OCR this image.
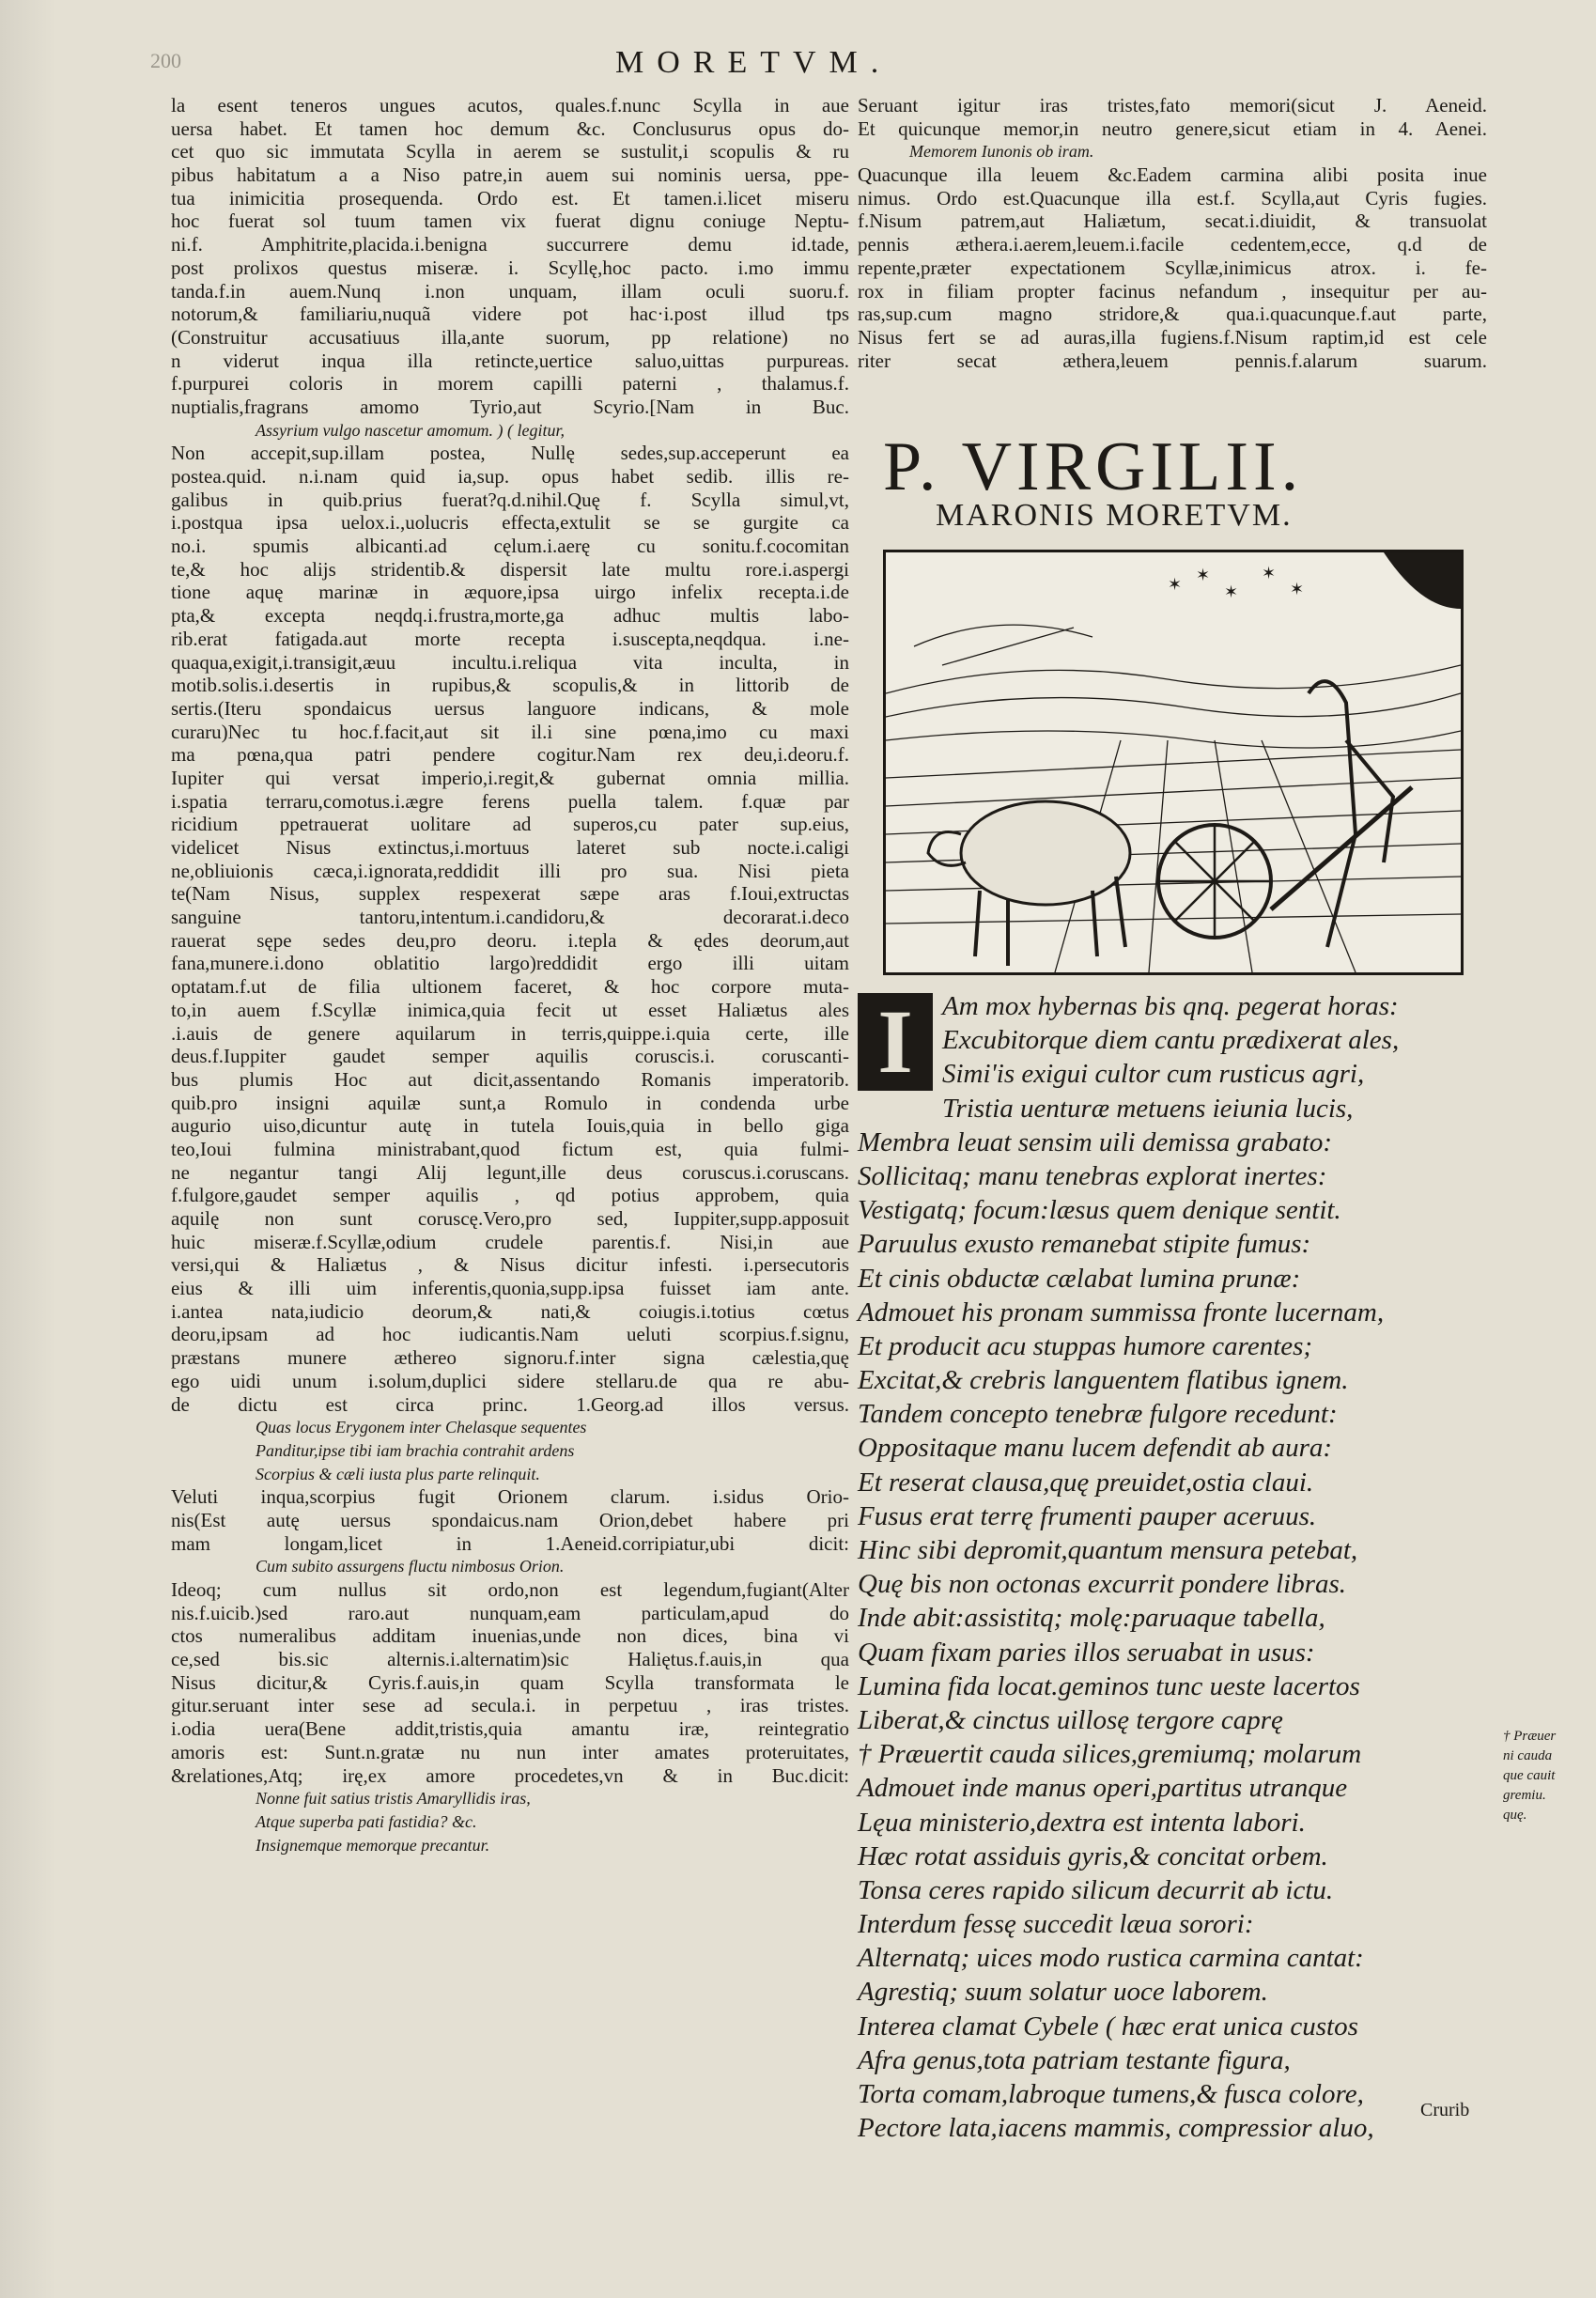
200	MORETVM.
la esent teneros ungues acutos, quales.f.nunc Scylla in aue
uersa habet. Et tamen hoc demum &c. Conclusurus opus do-
cet quo sic immutata Scylla in aerem se sustulit,i scopulis & ru
pibus habitatum a a Niso patre,in auem sui nominis uersa, ppe-
tua inimicitia prosequenda. Ordo est. Et tamen.i.licet miseru
hoc fuerat sol tuum tamen vix fuerat dignu coniuge Neptu-
ni.f. Amphitrite,placida.i.benigna succurrere demu id.tade,
post prolixos questus miseræ. i. Scyllę,hoc pacto. i.mo immu
tanda.f.in auem.Nunq i.non unquam, illam oculi suoru.f.
notorum,& familiariu,nuquã videre pot hac·i.post illud tps
(Construitur accusatiuus illa,ante suorum, pp relatione) no
n viderut inqua illa retincte,uertice saluo,uittas purpureas.
f.purpurei coloris in morem capilli paterni , thalamus.f.
nuptialis,fragrans amomo Tyrio,aut Scyrio.[Nam in Buc.
Assyrium vulgo nascetur amomum. ) ( legitur,
Non accepit,sup.illam postea, Nullę sedes,sup.acceperunt ea
postea.quid. n.i.nam quid ia,sup. opus habet sedib. illis re-
galibus in quib.prius fuerat?q.d.nihil.Quę f. Scylla simul,vt,
i.postqua ipsa uelox.i.,uolucris effecta,extulit se se gurgite ca
no.i. spumis albicanti.ad cęlum.i.aerę cu sonitu.f.cocomitan
te,& hoc alijs stridentib.& dispersit late multu rore.i.aspergi
tione aquę marinæ in æquore,ipsa uirgo infelix recepta.i.de
pta,& excepta neqdq.i.frustra,morte,ga adhuc multis labo-
rib.erat fatigada.aut morte recepta i.suscepta,neqdqua. i.ne-
quaqua,exigit,i.transigit,æuu incultu.i.reliqua vita inculta, in
motib.solis.i.desertis in rupibus,& scopulis,& in littorib de
sertis.(Iteru spondaicus uersus languore indicans, & mole
curaru)Nec tu hoc.f.facit,aut sit il.i sine pœna,imo cu maxi
ma pœna,qua patri pendere cogitur.Nam rex deu,i.deoru.f.
Iupiter qui versat imperio,i.regit,& gubernat omnia millia.
i.spatia terraru,comotus.i.ægre ferens puella talem. f.quæ par
ricidium ppetrauerat uolitare ad superos,cu pater sup.eius,
videlicet Nisus extinctus,i.mortuus lateret sub nocte.i.caligi
ne,obliuionis cæca,i.ignorata,reddidit illi pro sua. Nisi pieta
te(Nam Nisus, supplex respexerat sæpe aras f.Ioui,extructas
sanguine tantoru,intentum.i.candidoru,& decorarat.i.deco
rauerat sępe sedes deu,pro deoru. i.tepla & ędes deorum,aut
fana,munere.i.dono oblatitio largo)reddidit ergo illi uitam
optatam.f.ut de filia ultionem faceret, & hoc corpore muta-
to,in auem f.Scyllæ inimica,quia fecit ut esset Haliætus ales
.i.auis de genere aquilarum in terris,quippe.i.quia certe, ille
deus.f.Iuppiter gaudet semper aquilis coruscis.i. coruscanti-
bus plumis Hoc aut dicit,assentando Romanis imperatorib.
quib.pro insigni aquilæ sunt,a Romulo in condenda urbe
augurio uiso,dicuntur autę in tutela Iouis,quia in bello giga
teo,Ioui fulmina ministrabant,quod fictum est, quia fulmi-
ne negantur tangi Alij legunt,ille deus coruscus.i.coruscans.
f.fulgore,gaudet semper aquilis , qd potius approbem, quia
aquilę non sunt coruscę.Vero,pro sed, Iuppiter,supp.apposuit
huic miseræ.f.Scyllæ,odium crudele parentis.f. Nisi,in aue
versi,qui & Haliætus , & Nisus dicitur infesti. i.persecutoris
eius & illi uim inferentis,quonia,supp.ipsa fuisset iam ante.
i.antea nata,iudicio deorum,& nati,& coiugis.i.totius cœtus
deoru,ipsam ad hoc iudicantis.Nam ueluti scorpius.f.signu,
præstans munere æthereo signoru.f.inter signa cælestia,quę
ego uidi unum i.solum,duplici sidere stellaru.de qua re abu-
de dictu est circa princ. 1.Georg.ad illos versus.
Quas locus Erygonem inter Chelasque sequentes
Panditur,ipse tibi iam brachia contrahit ardens
Scorpius & cæli iusta plus parte relinquit.
Veluti inqua,scorpius fugit Orionem clarum. i.sidus Orio-
nis(Est autę uersus spondaicus.nam Orion,debet habere pri
mam longam,licet in 1.Aeneid.corripiatur,ubi dicit:
Cum subito assurgens fluctu nimbosus Orion.
Ideoq; cum nullus sit ordo,non est legendum,fugiant(Alter
nis.f.uicib.)sed raro.aut nunquam,eam particulam,apud do
ctos numeralibus additam inuenias,unde non dices, bina vi
ce,sed bis.sic alternis.i.alternatim)sic Haliętus.f.auis,in qua
Nisus dicitur,& Cyris.f.auis,in quam Scylla transformata le
gitur.seruant inter sese ad secula.i. in perpetuu , iras tristes.
i.odia uera(Bene addit,tristis,quia amantu iræ, reintegratio
amoris est: Sunt.n.gratæ nu nun inter amates proteruitates,
&relationes,Atq; irę,ex amore procedetes,vn & in Buc.dicit:
Nonne fuit satius tristis Amaryllidis iras,
Atque superba pati fastidia? &c.
Insignemque memorque precantur.
Seruant igitur iras tristes,fato memori(sicut J. Aeneid.
Et quicunque memor,in neutro genere,sicut etiam in 4. Aenei.
Memorem Iunonis ob iram.
Quacunque illa leuem &c.Eadem carmina alibi posita inue
nimus. Ordo est.Quacunque illa est.f. Scylla,aut Cyris fugies.
f.Nisum patrem,aut Haliætum, secat.i.diuidit, & transuolat
pennis æthera.i.aerem,leuem.i.facile cedentem,ecce, q.d de
repente,præter expectationem Scyllæ,inimicus atrox. i. fe-
rox in filiam propter facinus nefandum , insequitur per au-
ras,sup.cum magno stridore,& qua.i.quacunque.f.aut parte,
Nisus fert se ad auras,illa fugiens.f.Nisum raptim,id est cele
riter secat æthera,leuem pennis.f.alarum suarum.
P. VIRGILII.
MARONIS MORETVM.
✶ ✶
✶
✶
✶
I	Am mox hybernas bis qnq. pegerat horas:
Excubitorque diem cantu prædixerat ales,
Simi'is exigui cultor cum rusticus agri,
Tristia uenturæ metuens ieiunia lucis,
Membra leuat sensim uili demissa grabato:
Sollicitaq; manu tenebras explorat inertes:
Vestigatq; focum:læsus quem denique sentit.
Paruulus exusto remanebat stipite fumus:
Et cinis obductæ cælabat lumina prunæ:
Admouet his pronam summissa fronte lucernam,
Et producit acu stuppas humore carentes;
Excitat,& crebris languentem flatibus ignem.
Tandem concepto tenebræ fulgore recedunt:
Oppositaque manu lucem defendit ab aura:
Et reserat clausa,quę preuidet,ostia claui.
Fusus erat terrę frumenti pauper aceruus.
Hinc sibi depromit,quantum mensura petebat,
Quę bis non octonas excurrit pondere libras.
Inde abit:assistitq; molę:paruaque tabella,
Quam fixam paries illos seruabat in usus:
Lumina fida locat.geminos tunc ueste lacertos
Liberat,& cinctus uillosę tergore caprę
† Præuertit cauda silices,gremiumq; molarum
Admouet inde manus operi,partitus utranque
Lęua ministerio,dextra est intenta labori.
Hæc rotat assiduis gyris,& concitat orbem.
Tonsa ceres rapido silicum decurrit ab ictu.
Interdum fessę succedit læua sorori:
Alternatq; uices modo rustica carmina cantat:
Agrestiq; suum solatur uoce laborem.
Interea clamat Cybele ( hæc erat unica custos
Afra genus,tota patriam testante figura,
Torta comam,labroque tumens,& fusca colore,
Pectore lata,iacens mammis, compressior aluo,
† Præuer
ni cauda
que cauit
gremiu.
quę.
Crurib
